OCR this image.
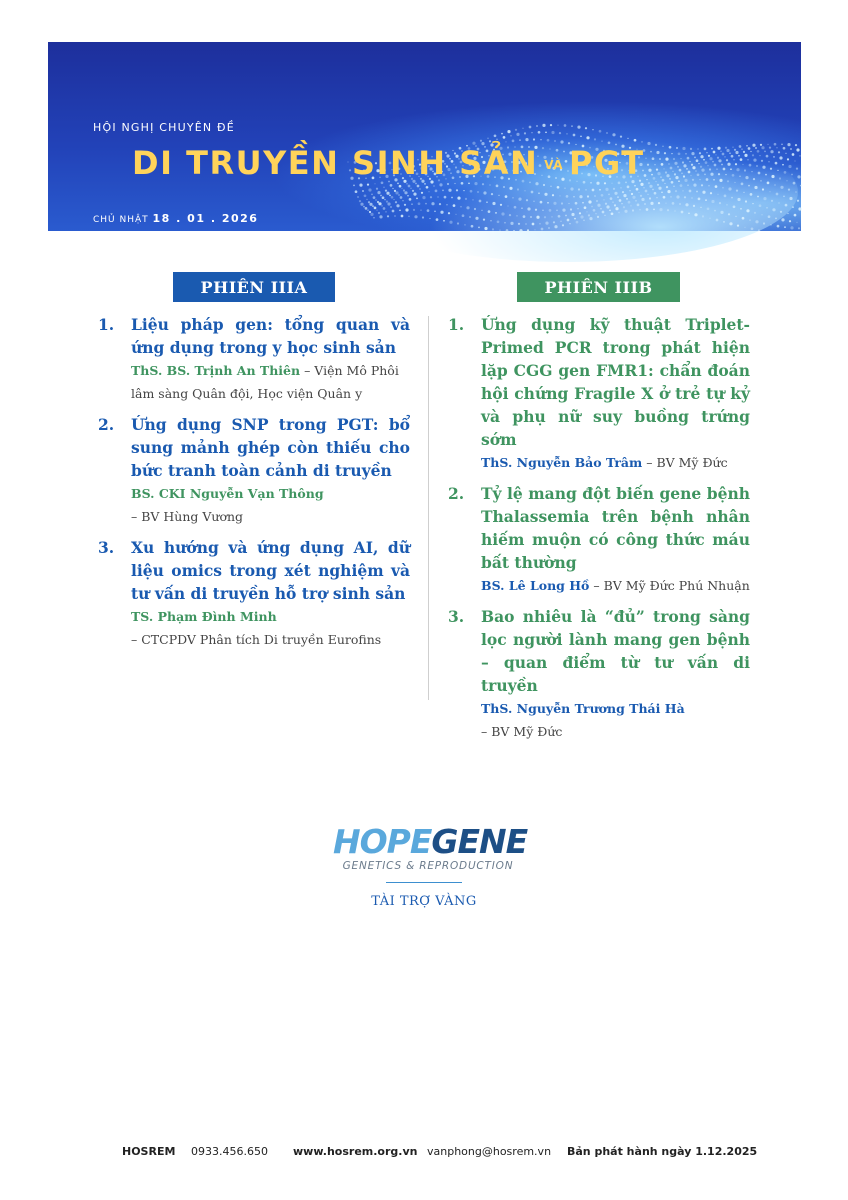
HỘI NGHỊ CHUYÊN ĐỀ
DI TRUYỀN SINH SẢN VÀ PGT
CHỦ NHẬT 18 . 01 . 2026
NEW WORLD SAIGON HOTEL
SỐ 76 LÊ LAI, PHƯỜNG BẾN THÀNH, TP. HỒ CHÍ MINH
PHIÊN IIIA	PHIÊN IIIB
1.	Liệu pháp gen: tổng quan và ứng dụng trong y học sinh sản
ThS. BS. Trịnh An Thiên – Viện Mô Phôi lâm sàng Quân đội, Học viện Quân y
2.	Ứng dụng SNP trong PGT: bổ sung mảnh ghép còn thiếu cho bức tranh toàn cảnh di truyền
BS. CKI Nguyễn Vạn Thông
– BV Hùng Vương
3.	Xu hướng và ứng dụng AI, dữ liệu omics trong xét nghiệm và tư vấn di truyền hỗ trợ sinh sản
TS. Phạm Đình Minh
– CTCPDV Phân tích Di truyền Eurofins
1.	Ứng dụng kỹ thuật Triplet-Primed PCR trong phát hiện lặp CGG gen FMR1: chẩn đoán hội chứng Fragile X ở trẻ tự kỷ và phụ nữ suy buồng trứng sớm
ThS. Nguyễn Bảo Trâm – BV Mỹ Đức
2.	Tỷ lệ mang đột biến gene bệnh Thalassemia trên bệnh nhân hiếm muộn có công thức máu bất thường
BS. Lê Long Hồ – BV Mỹ Đức Phú Nhuận
3.	Bao nhiêu là “đủ” trong sàng lọc người lành mang gen bệnh – quan điểm từ tư vấn di truyền
ThS. Nguyễn Trương Thái Hà
– BV Mỹ Đức
HOPEGENE
GENETICS & REPRODUCTION
TÀI TRỢ VÀNG
HOSREM 0933.456.650 www.hosrem.org.vn vanphong@hosrem.vn Bản phát hành ngày 1.12.2025
